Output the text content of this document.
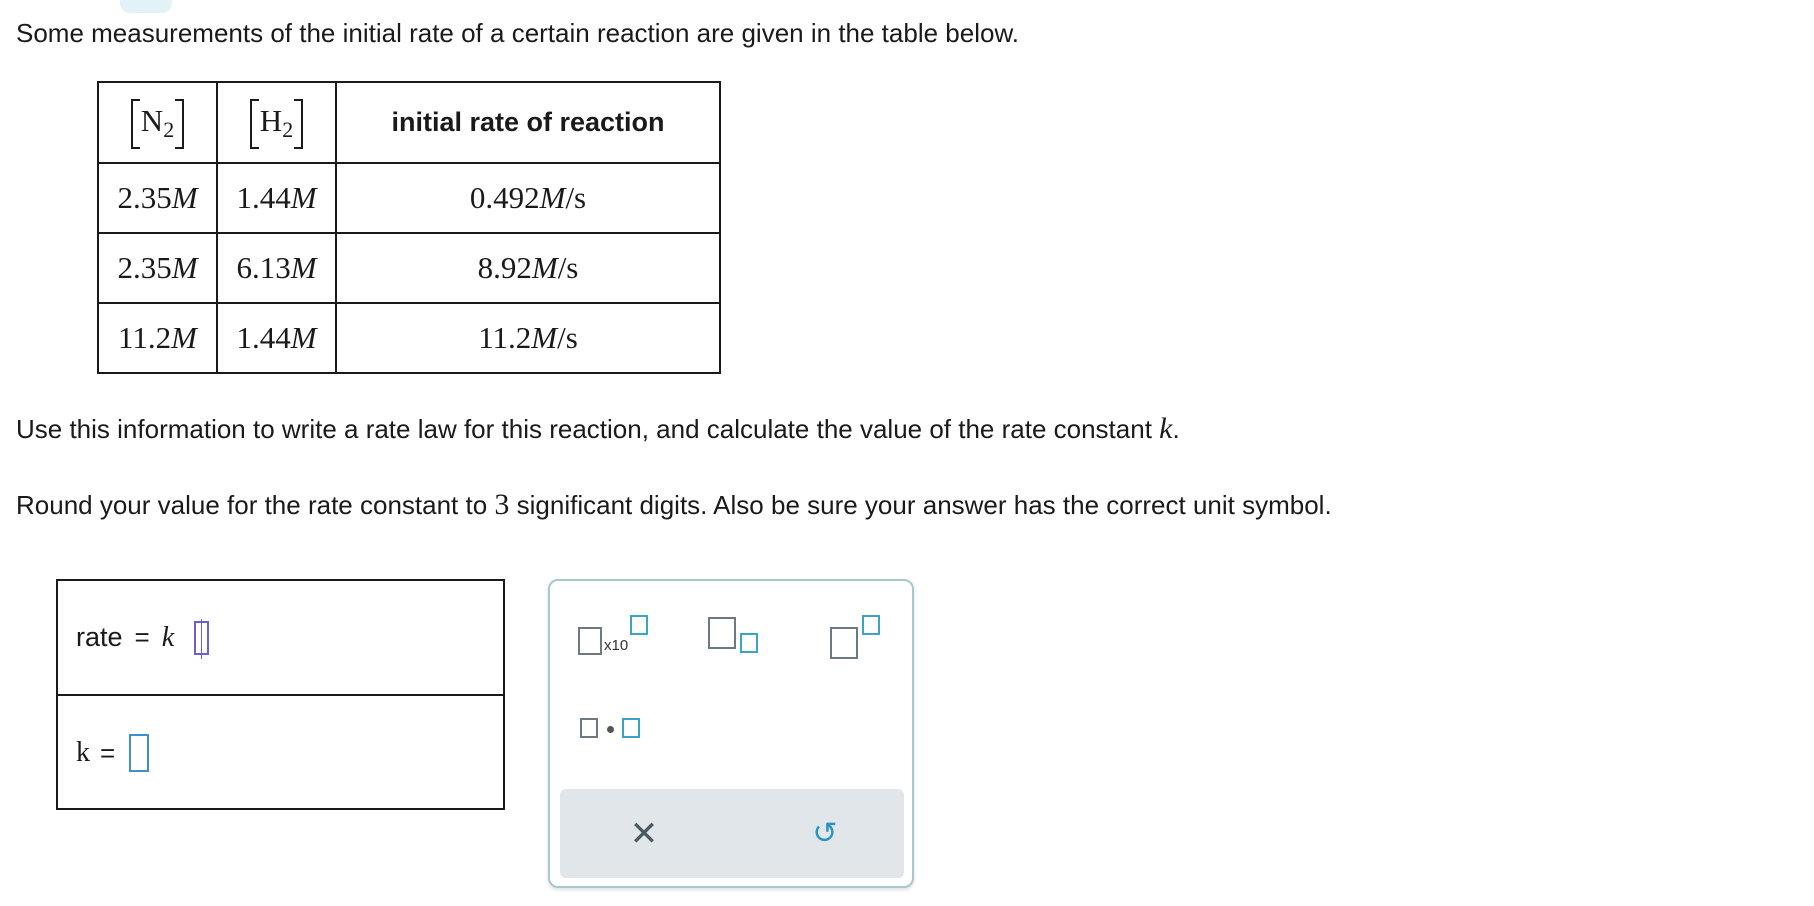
Some measurements of the initial rate of a certain reaction are given in the table below.
$N_2$	$H_2$	initial rate of reaction
2.35M	1.44M	0.492M/s
2.35M	6.13M	8.92M/s
11.2M	1.44M	11.2M/s
Use this information to write a rate law for this reaction, and calculate the value of the rate constant k.
Round your value for the rate constant to 3 significant digits. Also be sure your answer has the correct unit symbol.
rate = k
k =
x10
✕	↺
